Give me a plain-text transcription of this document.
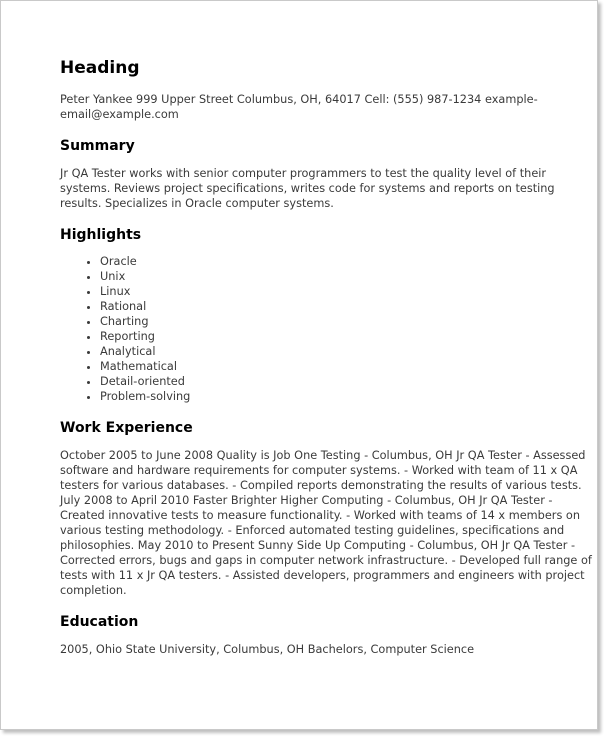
Heading

Peter Yankee 999 Upper Street Columbus, OH, 64017 Cell: (555) 987-1234 example-email@example.com

Summary

Jr QA Tester works with senior computer programmers to test the quality level of their systems. Reviews project specifications, writes code for systems and reports on testing results. Specializes in Oracle computer systems.

Highlights
• Oracle
• Unix
• Linux
• Rational
• Charting
• Reporting
• Analytical
• Mathematical
• Detail-oriented
• Problem-solving
Work Experience

October 2005 to June 2008 Quality is Job One Testing - Columbus, OH Jr QA Tester - Assessed software and hardware requirements for computer systems. - Worked with team of 11 x QA testers for various databases. - Compiled reports demonstrating the results of various tests. July 2008 to April 2010 Faster Brighter Higher Computing - Columbus, OH Jr QA Tester - Created innovative tests to measure functionality. - Worked with teams of 14 x members on various testing methodology. - Enforced automated testing guidelines, specifications and philosophies. May 2010 to Present Sunny Side Up Computing - Columbus, OH Jr QA Tester - Corrected errors, bugs and gaps in computer network infrastructure. - Developed full range of tests with 11 x Jr QA testers. - Assisted developers, programmers and engineers with project completion.

Education

2005, Ohio State University, Columbus, OH Bachelors, Computer Science
